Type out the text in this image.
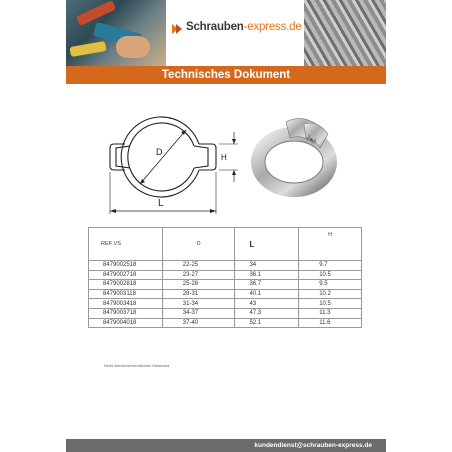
Schrauben-express.de
Technisches Dokument
D
H
L
1●8
REF VS	D	L	H
8479002518	22-25	34	9.7
8479002718	23-27	36.1	10.5
8479002818	25-28	36.7	9.5
8479003118	28-31	40.1	10.2
8479003418	31-34	43	10.5
8479003718	34-37	47.3	11.3
8479004018	37-40	52.1	11.6
Nicht wiederverwendbares Halsband.
kundendienst@schrauben-express.de
